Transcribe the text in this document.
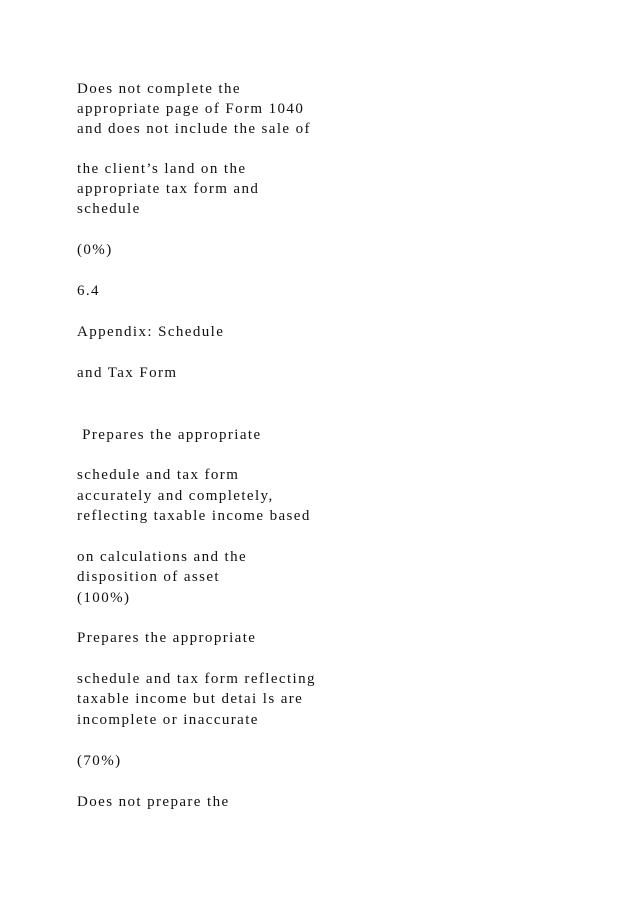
Does not complete the

appropriate page of Form 1040

and does not include the sale of

the client’s land on the

appropriate tax form and

schedule

(0%)

6.4

Appendix: Schedule

and Tax Form

Prepares the appropriate

schedule and tax form

accurately and completely,

reflecting taxable income based

on calculations and the

disposition of asset

(100%)

Prepares the appropriate

schedule and tax form reflecting

taxable income but detai ls are

incomplete or inaccurate

(70%)

Does not prepare the
